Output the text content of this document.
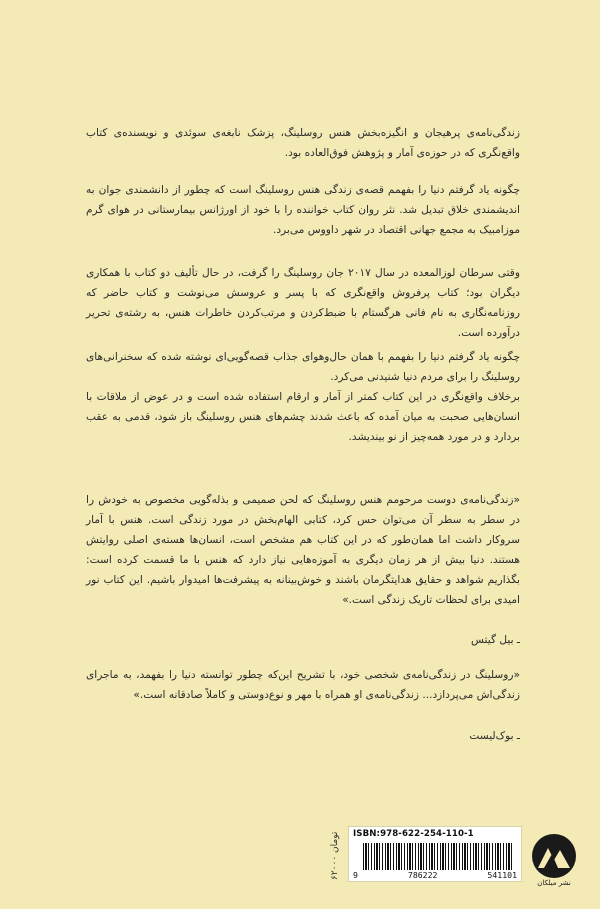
زندگی‌نامه‌ی پرهیجان و انگیزه‌بخش هنس روسلینگ، پزشک نابغه‌ی سوئدی و نویسنده‌ی کتاب واقع‌نگری که در حوزه‌ی آمار و پژوهش فوق‌العاده بود.

چگونه یاد گرفتم دنیا را بفهمم قصه‌ی زندگی هنس روسلینگ است که چطور از دانشمندی جوان به اندیشمندی خلاق تبدیل شد. نثر روان کتاب خواننده را با خود از اورژانس بیمارستانی در هوای گرم موزامبیک به مجمع جهانی اقتصاد در شهر داووس می‌برد.

وقتی سرطان لوزالمعده در سال ۲۰۱۷ جان روسلینگ را گرفت، در حال تألیف دو کتاب با همکاری دیگران بود؛ کتاب پرفروش واقع‌نگری که با پسر و عروسش می‌نوشت و کتاب حاضر که روزنامه‌نگاری به نام فانی هرگستام با ضبط‌کردن و مرتب‌کردن خاطرات هنس، به رشته‌ی تحریر درآورده است.

چگونه یاد گرفتم دنیا را بفهمم با همان حال‌وهوای جذاب قصه‌گویی‌ای نوشته شده که سخنرانی‌های روسلینگ را برای مردم دنیا شنیدنی می‌کرد.

برخلاف واقع‌نگری در این کتاب کمتر از آمار و ارقام استفاده شده است و در عوض از ملاقات با انسان‌هایی صحبت به میان آمده که باعث شدند چشم‌های هنس روسلینگ باز شود، قدمی به عقب بردارد و در مورد همه‌چیز از نو بیندیشد.

«زندگی‌نامه‌ی دوست مرحومم هنس روسلینگ که لحن صمیمی و بذله‌گویی مخصوص به خودش را در سطر به سطر آن می‌توان حس کرد، کتابی الهام‌بخش در مورد زندگی است. هنس با آمار سروکار داشت اما همان‌طور که در این کتاب هم مشخص است، انسان‌ها هسته‌ی اصلی روایتش هستند. دنیا بیش از هر زمان دیگری به آموزه‌هایی نیاز دارد که هنس با ما قسمت کرده است: بگذاریم شواهد و حقایق هدایتگرمان باشند و خوش‌بینانه به پیشرفت‌ها امیدوار باشیم. این کتاب نور امیدی برای لحظات تاریک زندگی است.»

ـ بیل گیتس

«روسلینگ در زندگی‌نامه‌ی شخصی خود، با تشریح این‌که چطور توانسته دنیا را بفهمد، به ماجرای زندگی‌اش می‌پردازد... زندگی‌نامه‌ی او همراه با مهر و نوع‌دوستی و کاملاً صادقانه است.»

ـ بوک‌لیست

۶۲۰۰۰ تومان	ISBN:978-622-254-110-1
9	786222	541101
نشر میلکان
